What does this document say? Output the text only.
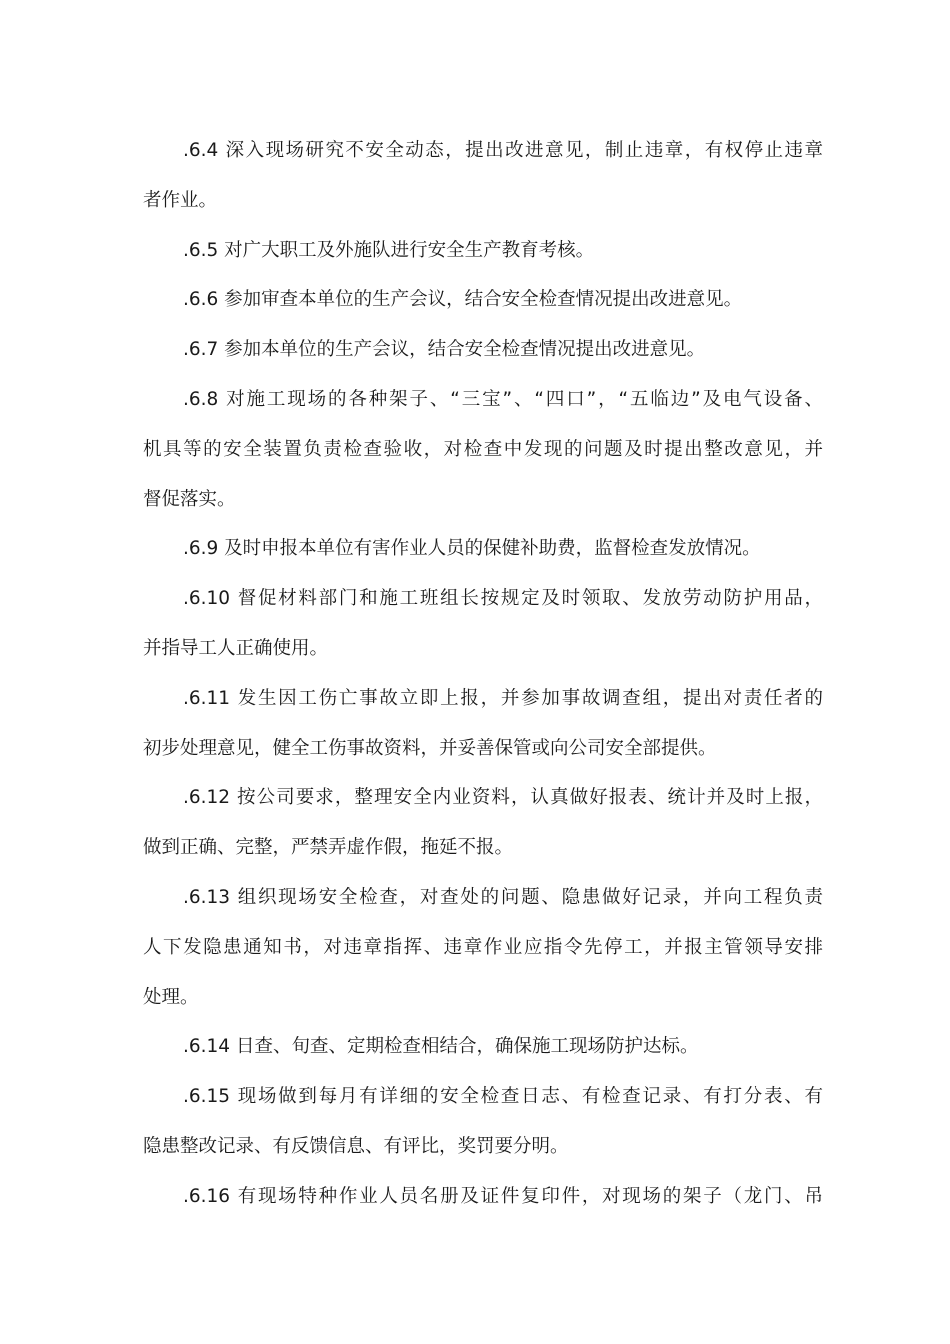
.6.4 深入现场研究不安全动态，提出改进意见，制止违章，有权停止违章
者作业。
.6.5 对广大职工及外施队进行安全生产教育考核。
.6.6 参加审查本单位的生产会议，结合安全检查情况提出改进意见。
.6.7 参加本单位的生产会议，结合安全检查情况提出改进意见。
.6.8 对施工现场的各种架子、“三宝”、“四口”，“五临边”及电气设备、
机具等的安全装置负责检查验收，对检查中发现的问题及时提出整改意见，并
督促落实。
.6.9 及时申报本单位有害作业人员的保健补助费，监督检查发放情况。
.6.10 督促材料部门和施工班组长按规定及时领取、发放劳动防护用品，
并指导工人正确使用。
.6.11 发生因工伤亡事故立即上报，并参加事故调查组，提出对责任者的
初步处理意见，健全工伤事故资料，并妥善保管或向公司安全部提供。
.6.12 按公司要求，整理安全内业资料，认真做好报表、统计并及时上报，
做到正确、完整，严禁弄虚作假，拖延不报。
.6.13 组织现场安全检查，对查处的问题、隐患做好记录，并向工程负责
人下发隐患通知书，对违章指挥、违章作业应指令先停工，并报主管领导安排
处理。
.6.14 日查、旬查、定期检查相结合，确保施工现场防护达标。
.6.15 现场做到每月有详细的安全检查日志、有检查记录、有打分表、有
隐患整改记录、有反馈信息、有评比，奖罚要分明。
.6.16 有现场特种作业人员名册及证件复印件，对现场的架子（龙门、吊
